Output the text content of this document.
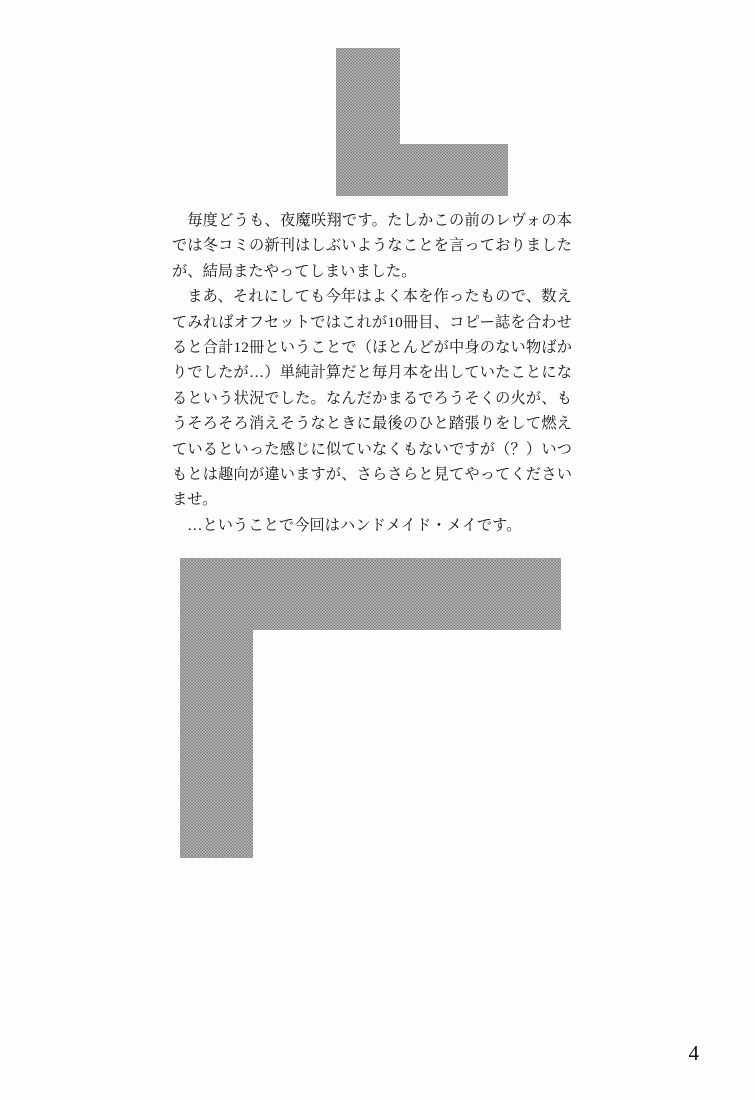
毎度どうも、夜魔咲翔です。たしかこの前のレヴォの本では冬コミの新刊はしぶいようなことを言っておりましたが、結局またやってしまいました。

まあ、それにしても今年はよく本を作ったもので、数えてみればオフセットではこれが10冊目、コピー誌を合わせると合計12冊ということで（ほとんどが中身のない物ばかりでしたが…）単純計算だと毎月本を出していたことになるという状況でした。なんだかまるでろうそくの火が、もうそろそろ消えそうなときに最後のひと踏張りをして燃えているといった感じに似ていなくもないですが（？）いつもとは趣向が違いますが、さらさらと見てやってくださいませ。

…ということで今回はハンドメイド・メイです。

4
